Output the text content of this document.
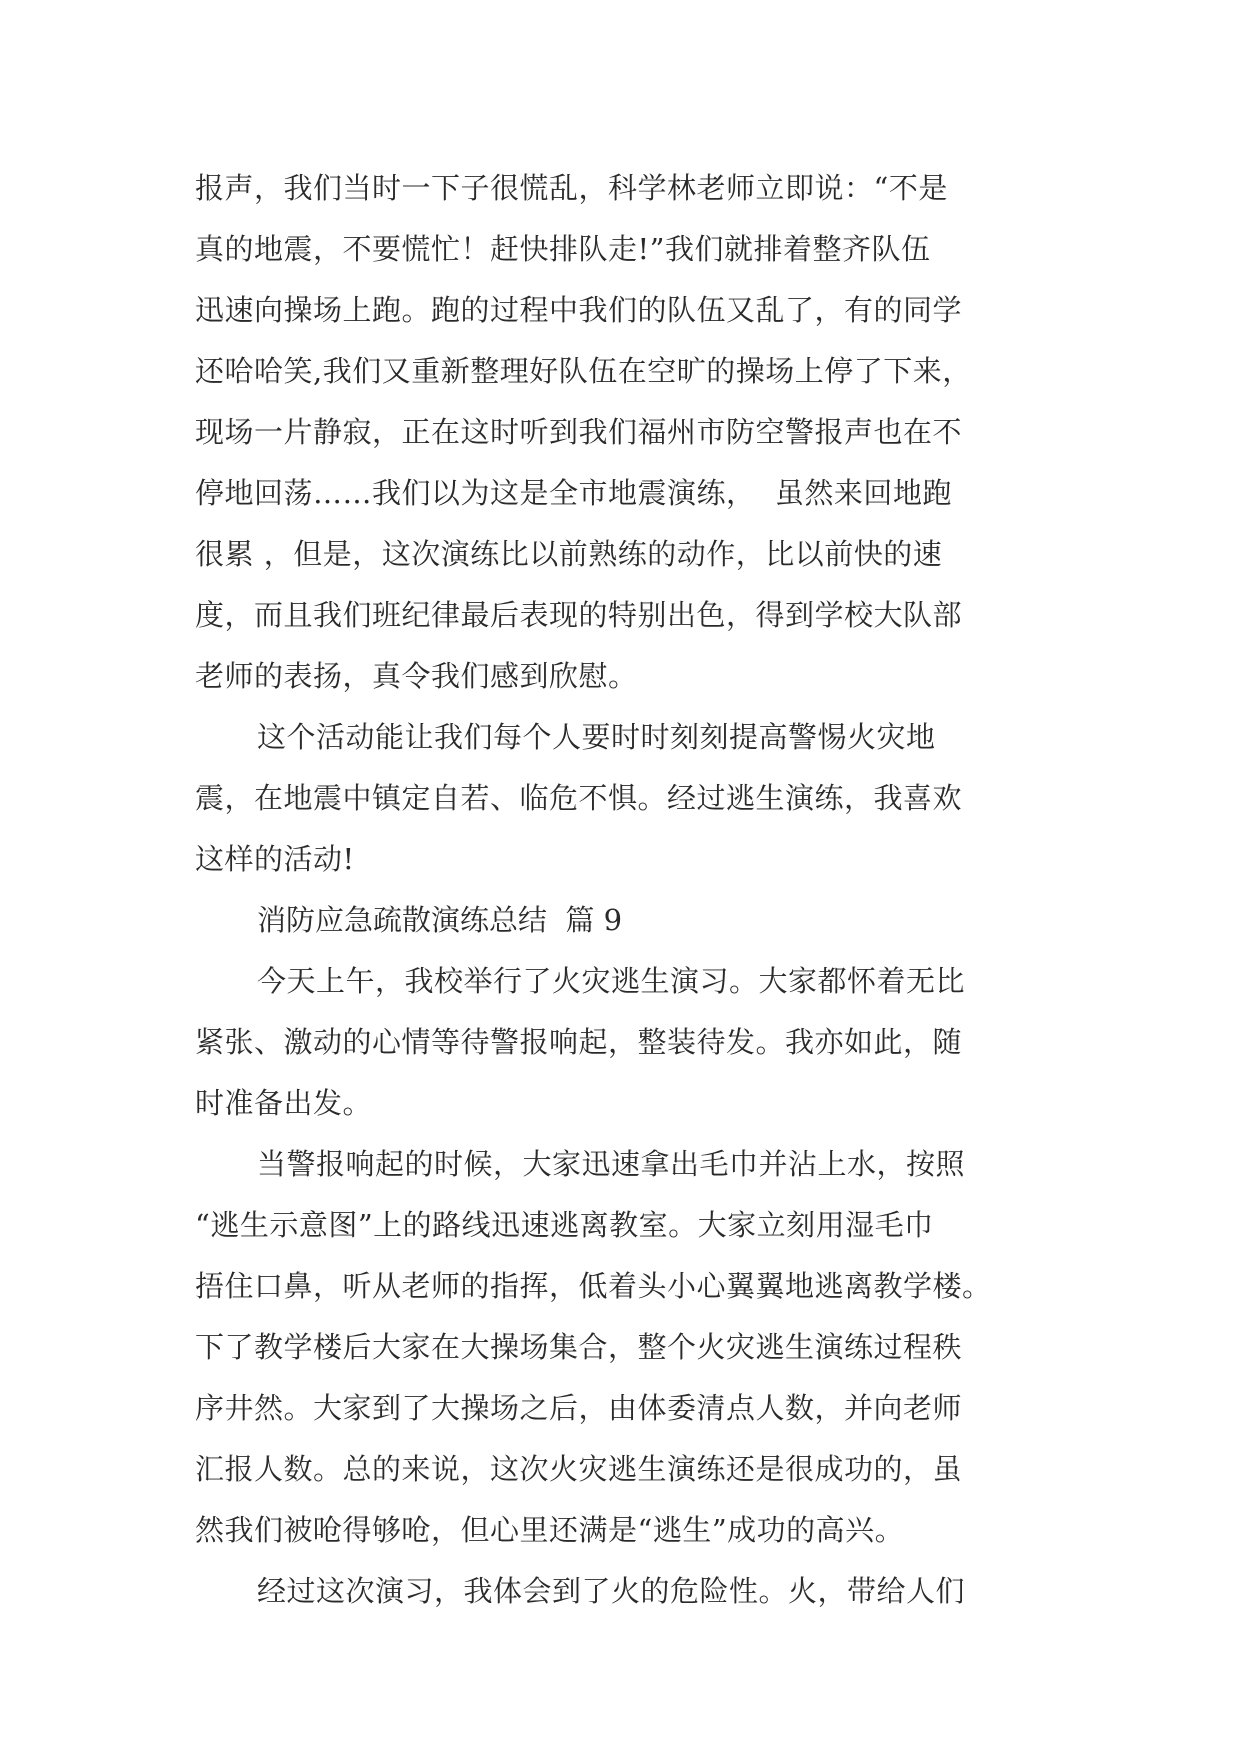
报声，我们当时一下子很慌乱，科学林老师立即说：“不是
真的地震，不要慌忙！赶快排队走!”我们就排着整齐队伍
迅速向操场上跑。跑的过程中我们的队伍又乱了，有的同学
还哈哈笑,我们又重新整理好队伍在空旷的操场上停了下来，
现场一片静寂，正在这时听到我们福州市防空警报声也在不
停地回荡……我们以为这是全市地震演练，  虽然来回地跑
很累 ，但是，这次演练比以前熟练的动作，比以前快的速
度，而且我们班纪律最后表现的特别出色，得到学校大队部
老师的表扬，真令我们感到欣慰。
这个活动能让我们每个人要时时刻刻提高警惕火灾地
震，在地震中镇定自若、临危不惧。经过逃生演练，我喜欢
这样的活动!
消防应急疏散演练总结  篇 9
今天上午，我校举行了火灾逃生演习。大家都怀着无比
紧张、激动的心情等待警报响起，整装待发。我亦如此，随
时准备出发。
当警报响起的时候，大家迅速拿出毛巾并沾上水，按照
“逃生示意图”上的路线迅速逃离教室。大家立刻用湿毛巾
捂住口鼻，听从老师的指挥，低着头小心翼翼地逃离教学楼。
下了教学楼后大家在大操场集合，整个火灾逃生演练过程秩
序井然。大家到了大操场之后，由体委清点人数，并向老师
汇报人数。总的来说，这次火灾逃生演练还是很成功的，虽
然我们被呛得够呛，但心里还满是“逃生”成功的高兴。
经过这次演习，我体会到了火的危险性。火，带给人们
